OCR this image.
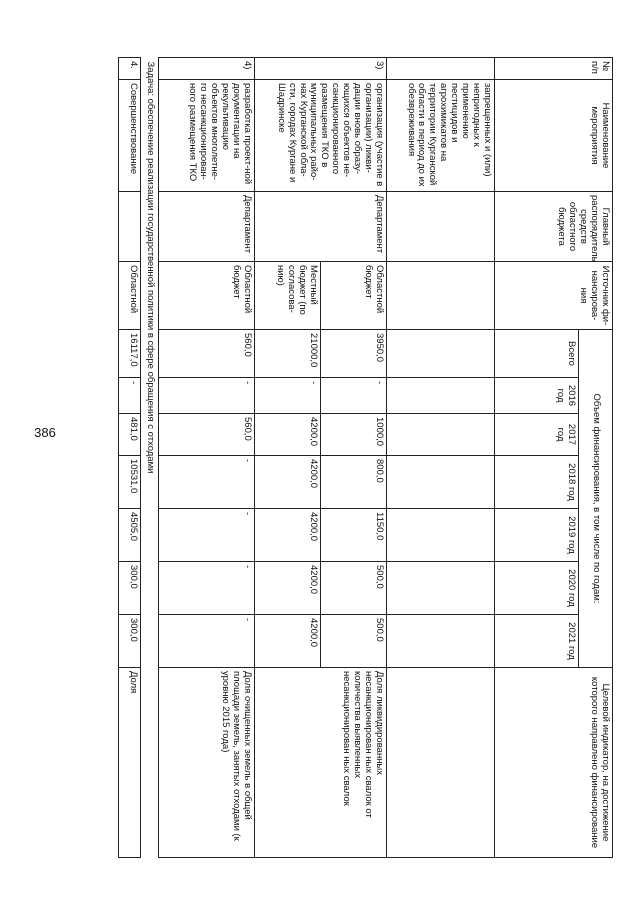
386
№ п/п	Наименование мероприятия	Главный распорядитель средств областного бюджета	Источник фи-нансирова-ния	Объем финансирования, в том числе по годам:							Целевой индикатор, на достижение которого направлено финансирование
				Всего	2016 год	2017 год	2018 год	2019 год	2020 год	2021 год	
	запрещенных и (или) непригодных к применению пестицидов и агрохимикатов на территории Курганской области в период до их обезвреживания										
3)	организация (участие в организации) ликви-дации вновь образу-ющихся объектов не-санкционированного размещения ТКО в муниципальных райо-нах Курганской обла-сти, городах Кургане и Шадринске	Департамент	Областной бюджет	3950,0	-	1000,0	800,0	1150,0	500,0	500,0	Доля ликвидированных несанкционирован ных свалок от количества выявленных несанкционирован ных свалок
			Местный бюджет (по согласова-нию)	21000,0	-	4200,0	4200,0	4200,0	4200,0	4200,0	
4)	разработка проект-ной документации на рекультивацию объектов многолетне-го несанкционирован-ного размещения ТКО	Департамент	Областной бюджет	560,0	-	560,0	-	-	-	-	Доля очищенных земель в общей площади земель, занятых отходами (к уровню 2015 года)
Задача: обеспечение реализации государственной политики в сфере обращения с отходами											
4.	Совершенствование		Областной	16117,0	-	481,0	10531,0	4505,0	300,0	300,0	Доля
